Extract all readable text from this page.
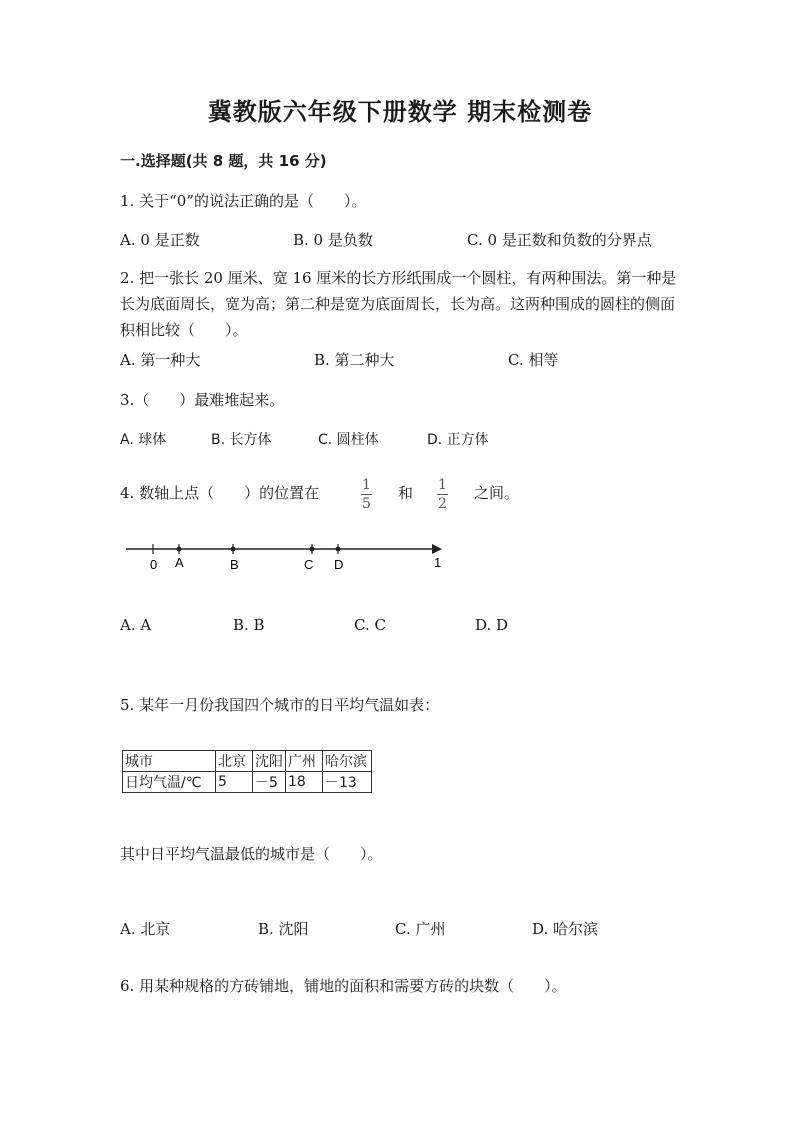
冀教版六年级下册数学 期末检测卷
一.选择题(共 8 题，共 16 分)
1. 关于“0”的说法正确的是（　　）。
A. 0 是正数	B. 0 是负数	C. 0 是正数和负数的分界点
2. 把一张长 20 厘米、宽 16 厘米的长方形纸围成一个圆柱，有两种围法。第一种是长为底面周长，宽为高；第二种是宽为底面周长，长为高。这两种围成的圆柱的侧面积相比较（　　）。
A. 第一种大	B. 第二种大	C. 相等
3.（　　）最难堆起来。
A. 球体	B. 长方体	C. 圆柱体	D. 正方体
4. 数轴上点（　　）的位置在	1
5
和 1
2
之间。
0 A	B	C D	1
A. A	B. B	C. C	D. D
5. 某年一月份我国四个城市的日平均气温如表：
城市	北京	沈阳	广州	哈尔滨
日均气温/℃	5	－5	18	－13
其中日平均气温最低的城市是（　　）。
A. 北京	B. 沈阳	C. 广州	D. 哈尔滨
6. 用某种规格的方砖铺地，铺地的面积和需要方砖的块数（　　）。
